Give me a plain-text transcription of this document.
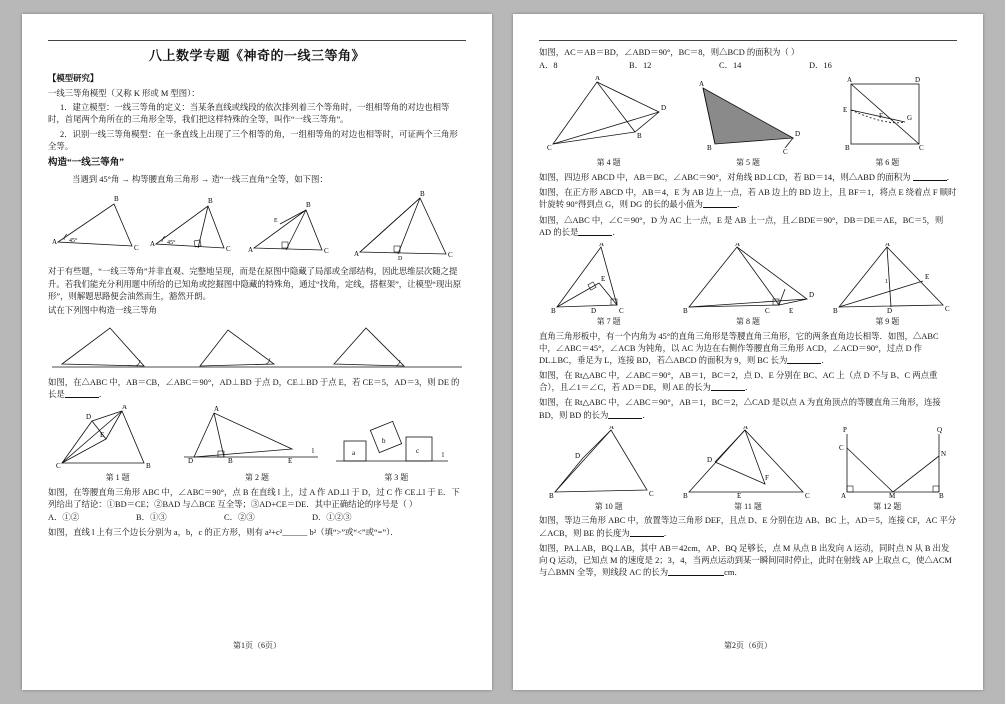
八上数学专题《神奇的一线三等角》

【模型研究】

一线三等角模型（又称 K 形或 M 型图）：

1．建立模型：一线三等角的定义：当某条直线或线段的依次排列着三个等角时，一组相等角的对边也相等时，首尾两个角所在的三角形全等，我们把这样特殊的全等，叫作“一线三等角”。

2．识别一线三等角模型：在一条直线上出现了三个相等的角，一组相等角的对边也相等时，可证两个三角形全等。

构造“一线三等角”

当遇到 45°角 → 构等腰直角三角形 → 造“一线三直角”全等，如下图：

A
B
C
45°	A
B
C
45°
A
B
C
E
A
B
C
D

对于有些题，“一线三等角”并非直观、完整地呈现，而是在原图中隐藏了局部或全部结构，因此思维层次随之提升。若我们能充分利用题中所给的已知角或挖掘图中隐藏的特殊角，通过“找角，定线，搭框架”，让模型“现出原形”，则解题思路便会油然而生，豁然开朗。

试在下列图中构造一线三等角

如图，在△ABC 中，AB＝CB，∠ABC＝90°，AD⊥BD 于点 D，CE⊥BD 于点 E，若 CE＝5，AD＝3，则 DE 的长是	．
A
D
E
C	B
A
D	B	E
l	a
b
c	l
第 1 题	第 2 题	第 3 题
如图，在等腰直角三角形 ABC 中，∠ABC＝90°，点 B 在直线 l 上，过 A 作 AD⊥l 于 D，过 C 作 CE⊥l 于 E．下列给出了结论：①BD＝CE；②BAD 与△BCE 互全等；③AD+CE＝DE．其中正确结论的序号是（ ）
A．①②	B．①③	C．②③	D．①②③
如图，直线 l 上有三个边长分别为 a，b，c 的正方形，则有 a²+c²______ b²（填“>”或“<”或“=”）．
第1页（6页）
如图，AC＝AB＝BD，∠ABD＝90°，BC＝8，则△BCD 的面积为（ ）
A．8	B．12	C．14	D．16
A
D
C
B
A
D
B	C
A	D
E
G
F
B	C
第 4 题	第 5 题	第 6 题
如图，四边形 ABCD 中，AB＝BC，∠ABC＝90°，对角线 BD⊥CD，若 BD＝14，则△ABD 的面积为	．
如图，在正方形 ABCD 中，AB＝4，E 为 AB 边上一点，若 AB 边上的 BD 边上，且 BF＝1，将点 E 绕着点 F 顺时针旋转 90°得到点 G，则 DG 的长的最小值为	．
如图，△ABC 中，∠C＝90°，D 为 AC 上一点，E 是 AB 上一点，且∠BDE＝90°，DB＝DE＝AE，BC＝5，则 AD 的长是	．
A
E
B	D	C
A
D
B	C	E
A
E
1
B	D	C
第 7 题	第 8 题	第 9 题
直角三角形板中，有一个内角为 45°的直角三角形是等腰直角三角形，它的两条直角边长相等．如图，△ABC 中，∠ABC＝45°，∠ACB 为钝角，以 AC 为边在右侧作等腰直角三角形 ACD，∠ACD＝90°，过点 D 作 DL⊥BC，垂足为 L，连接 BD，若△ABCD 的面积为 9，则 BC 长为	．
如图，在 Rt△ABC 中，∠ABC＝90°，AB＝1，BC＝2，点 D、E 分别在 BC、AC 上（点 D 不与 B、C 两点重合），且∠1＝∠C，若 AD＝DE，则 AE 的长为	．
如图，在 Rt△ABC 中，∠ABC＝90°，AB＝1，BC＝2，△CAD 是以点 A 为直角顶点的等腰直角三角形，连接 BD，则 BD 的长为	．
A
D
B	C
A
D
F
B	E	C
P	Q
C
N
A	M	B
第 10 题	第 11 题	第 12 题
如图，等边三角形 ABC 中，放置等边三角形 DEF，且点 D、E 分别在边 AB、BC 上，AD＝5，连接 CF，AC 平分∠ACB，则 BE 的长度为	．
如图，PA⊥AB，BQ⊥AB，其中 AB＝42cm，AP、BQ 足够长，点 M 从点 B 出发向 A 运动，同时点 N 从 B 出发向 Q 运动，已知点 M 的速度是 2；3，4，当两点运动到某一瞬间同时停止，此时在射线 AP 上取点 C，使△ACM 与△BMN 全等，则线段 AC 的长为	cm．
第2页（6页）
